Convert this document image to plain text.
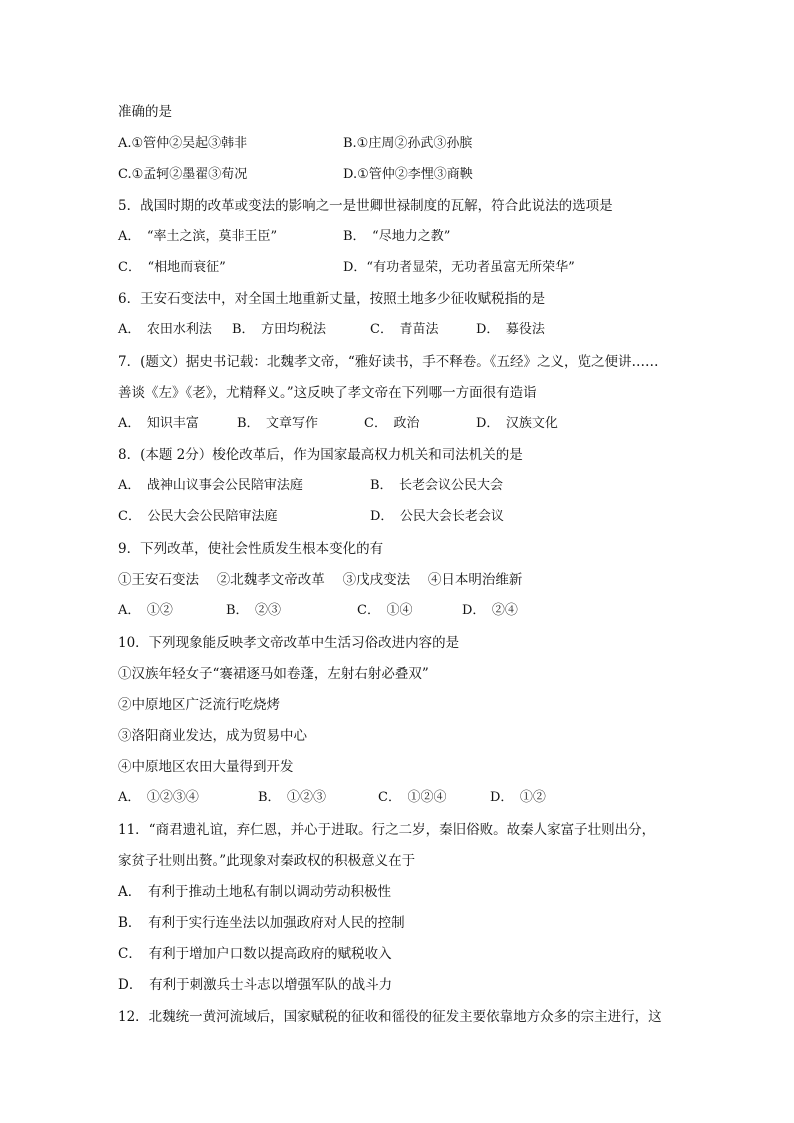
准确的是
A.①管仲②吴起③韩非	B.①庄周②孙武③孙膑
C.①孟轲②墨翟③荀况	D.①管仲②李悝③商鞅
5．战国时期的改革或变法的影响之一是世卿世禄制度的瓦解，符合此说法的选项是
A．　“率土之滨，莫非王臣”	B．　“尽地力之教”
C．　“相地而衰征”	D．“有功者显荣，无功者虽富无所荣华”
6．王安石变法中，对全国土地重新丈量，按照土地多少征收赋税指的是
A．　农田水利法 B．　方田均税法	C．　青苗法	D．　募役法
7．(题文）据史书记载：北魏孝文帝，“雅好读书，手不释卷。《五经》之义，览之便讲……
善谈《左》《老》，尤精释义。”这反映了孝文帝在下列哪一方面很有造诣
A．　知识丰富	B．　文章写作	C．　政治	D．　汉族文化
8．(本题 2分）梭伦改革后，作为国家最高权力机关和司法机关的是
A．　战神山议事会公民陪审法庭	B．　长老会议公民大会
C．　公民大会公民陪审法庭	D．　公民大会长老会议
9．下列改革，使社会性质发生根本变化的有
①王安石变法　 ②北魏孝文帝改革　 ③戊戌变法　 ④日本明治维新
A．　①②	B．　②③	C．　①④	D．　②④
10．下列现象能反映孝文帝改革中生活习俗改进内容的是
①汉族年轻女子“褰裙逐马如卷蓬，左射右射必叠双”
②中原地区广泛流行吃烧烤
③洛阳商业发达，成为贸易中心
④中原地区农田大量得到开发
A．　①②③④	B．　①②③	C．　①②④	D．　①②
11．“商君遗礼谊，弃仁恩，并心于进取。行之二岁，秦旧俗败。故秦人家富子壮则出分，
家贫子壮则出赘。”此现象对秦政权的积极意义在于
A．　有利于推动土地私有制以调动劳动积极性
B．　有利于实行连坐法以加强政府对人民的控制
C．　有利于增加户口数以提高政府的赋税收入
D．　有利于刺激兵士斗志以增强军队的战斗力
12．北魏统一黄河流域后，国家赋税的征收和徭役的征发主要依靠地方众多的宗主进行，这
